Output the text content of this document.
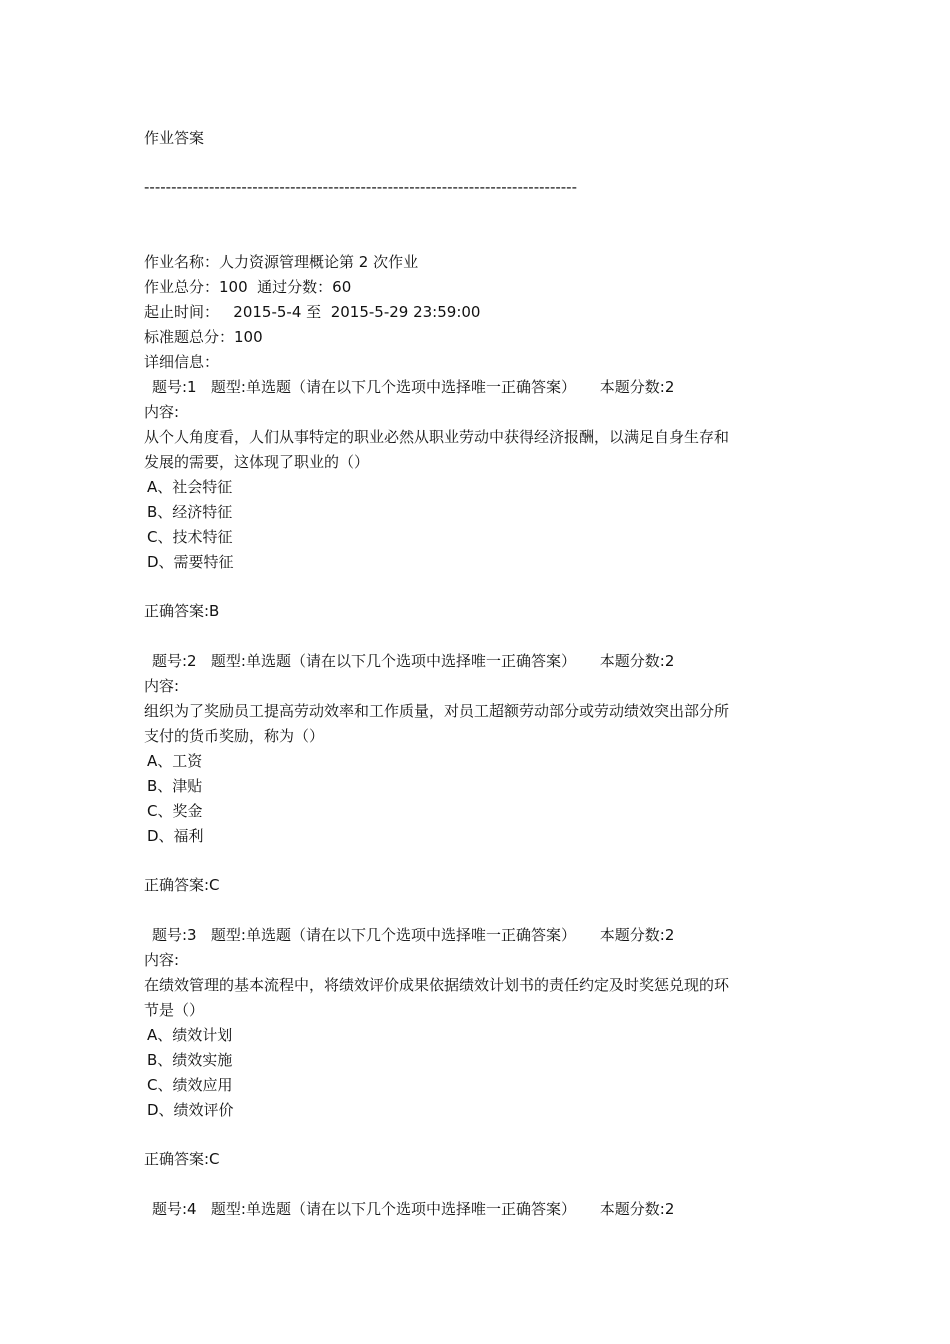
作业答案
--------------------------------------------------------------------------------
作业名称：人力资源管理概论第 2 次作业
作业总分：100  通过分数：60
起止时间：   2015-5-4 至  2015-5-29 23:59:00
标准题总分：100
详细信息：
题号:1   题型:单选题（请在以下几个选项中选择唯一正确答案）     本题分数:2
内容:
从个人角度看，人们从事特定的职业必然从职业劳动中获得经济报酬，以满足自身生存和
发展的需要，这体现了职业的（）
A、社会特征
B、经济特征
C、技术特征
D、需要特征
正确答案:B
题号:2   题型:单选题（请在以下几个选项中选择唯一正确答案）     本题分数:2
内容:
组织为了奖励员工提高劳动效率和工作质量，对员工超额劳动部分或劳动绩效突出部分所
支付的货币奖励，称为（）
A、工资
B、津贴
C、奖金
D、福利
正确答案:C
题号:3   题型:单选题（请在以下几个选项中选择唯一正确答案）     本题分数:2
内容:
在绩效管理的基本流程中，将绩效评价成果依据绩效计划书的责任约定及时奖惩兑现的环
节是（）
A、绩效计划
B、绩效实施
C、绩效应用
D、绩效评价
正确答案:C
题号:4   题型:单选题（请在以下几个选项中选择唯一正确答案）     本题分数:2
